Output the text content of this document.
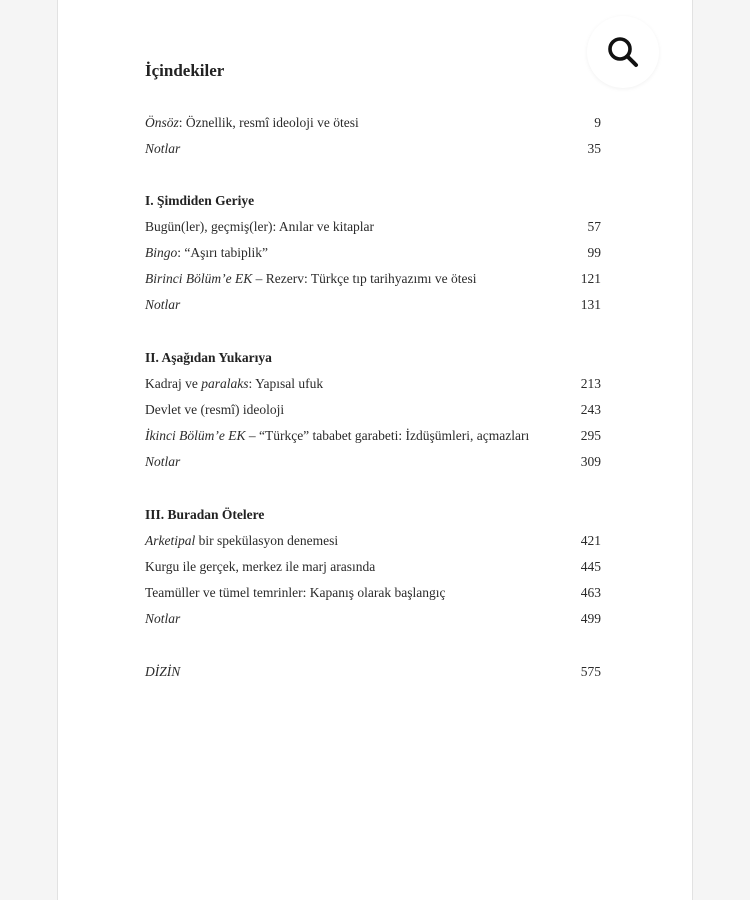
İçindekiler
Önsöz: Öznellik, resmî ideoloji ve ötesi	9
Notlar	35
I. Şimdiden Geriye
Bugün(ler), geçmiş(ler): Anılar ve kitaplar	57
Bingo: “Aşırı tabiplik”	99
Birinci Bölüm’e EK – Rezerv: Türkçe tıp tarihyazımı ve ötesi	121
Notlar	131
II. Aşağıdan Yukarıya
Kadraj ve paralaks: Yapısal ufuk	213
Devlet ve (resmî) ideoloji	243
İkinci Bölüm’e EK – “Türkçe” tababet garabeti: İzdüşümleri, açmazları	295
Notlar	309
III. Buradan Ötelere
Arketipal bir spekülasyon denemesi	421
Kurgu ile gerçek, merkez ile marj arasında	445
Teamüller ve tümel temrinler: Kapanış olarak başlangıç	463
Notlar	499
DİZİN	575
